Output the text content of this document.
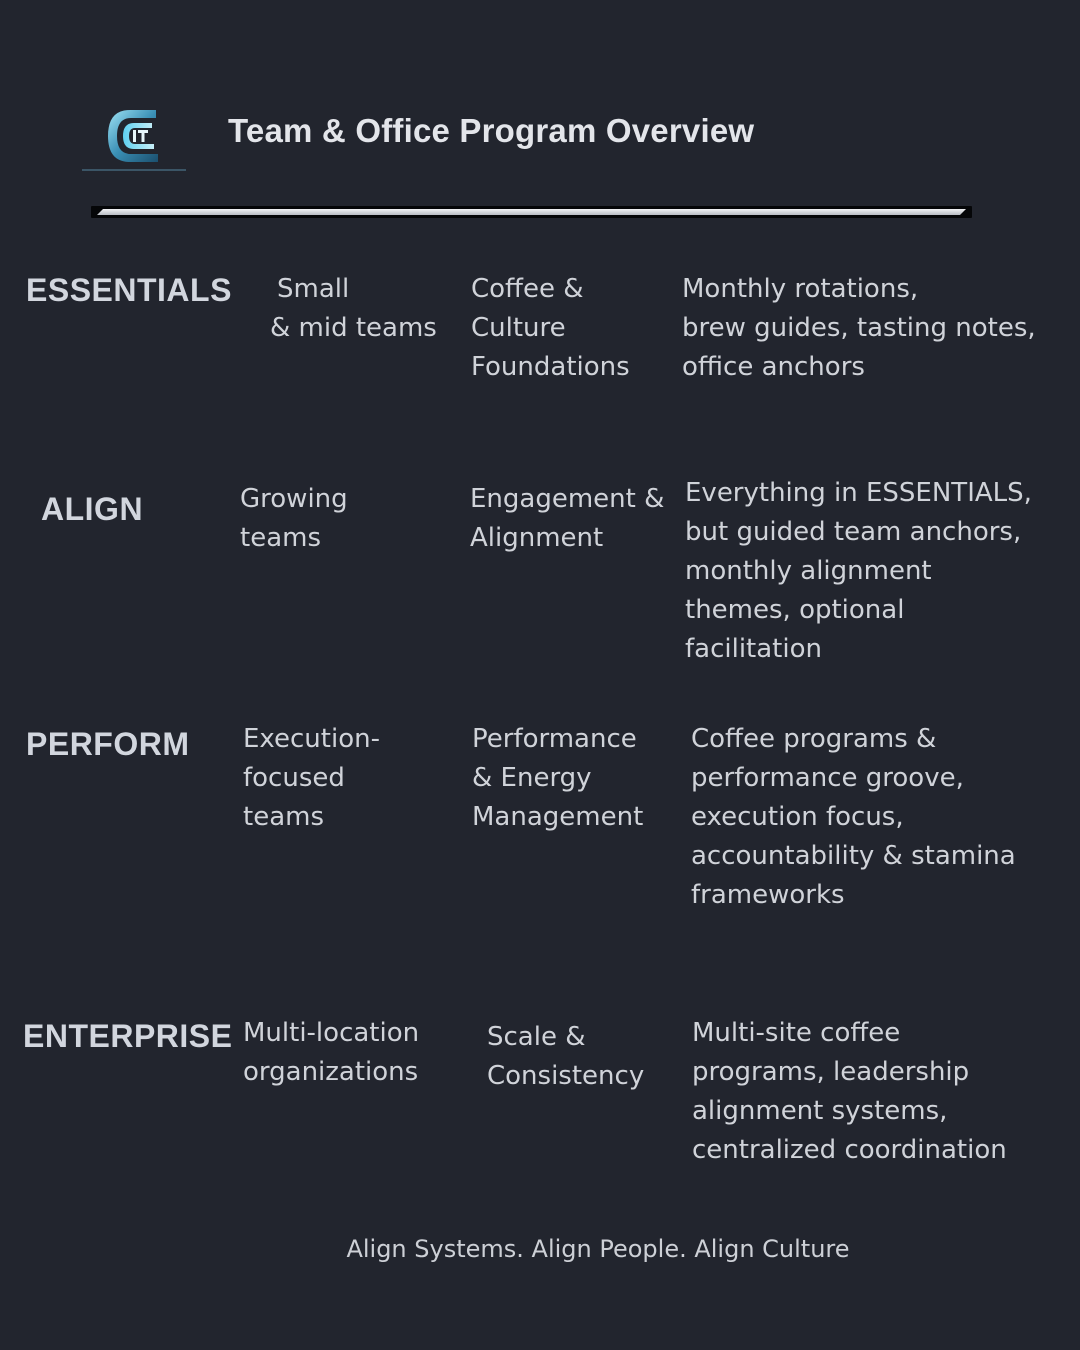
Team & Office Program Overview
ESSENTIALS Small
& mid teams
Coffee &
Culture
Foundations
Monthly rotations,
brew guides, tasting notes,
office anchors
ALIGN	Growing
teams
Engagement &
Alignment
Everything in ESSENTIALS,
but guided team anchors,
monthly alignment
themes, optional
facilitation
PERFORM Execution-
focused
teams
Performance
& Energy
Management
Coffee programs &
performance groove,
execution focus,
accountability & stamina
frameworks
ENTERPRISE Multi-location
organizations
Scale &
Consistency
Multi-site coffee
programs, leadership
alignment systems,
centralized coordination
Align Systems. Align People. Align Culture
